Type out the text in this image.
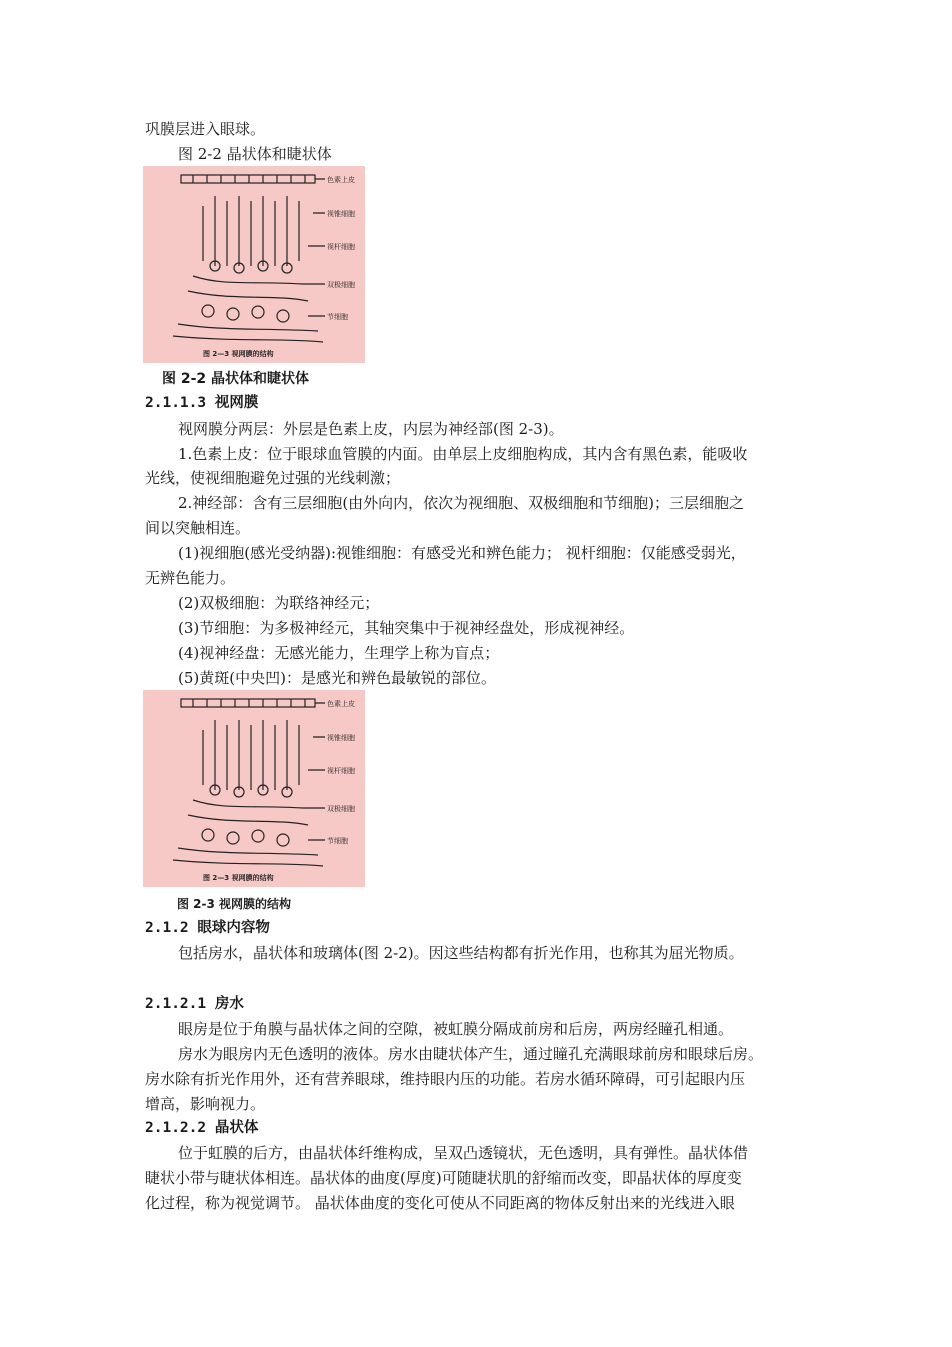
巩膜层进入眼球。
图 2-2 晶状体和睫状体
色素上皮
视锥细胞
视杆细胞
双极细胞
节细胞
图 2—3 视网膜的结构
图 2-2 晶状体和睫状体
2.1.1.3 视网膜
视网膜分两层：外层是色素上皮，内层为神经部(图 2-3)。
1.色素上皮：位于眼球血管膜的内面。由单层上皮细胞构成，其内含有黑色素，能吸收
光线，使视细胞避免过强的光线刺激；
2.神经部：含有三层细胞(由外向内，依次为视细胞、双极细胞和节细胞)；三层细胞之
间以突触相连。
(1)视细胞(感光受纳器):视锥细胞：有感受光和辨色能力； 视杆细胞：仅能感受弱光，
无辨色能力。
(2)双极细胞：为联络神经元；
(3)节细胞：为多极神经元，其轴突集中于视神经盘处，形成视神经。
(4)视神经盘：无感光能力，生理学上称为盲点；
(5)黄斑(中央凹)：是感光和辨色最敏锐的部位。
色素上皮
视锥细胞
视杆细胞
双极细胞
节细胞
图 2—3 视网膜的结构
图 2-3 视网膜的结构
2.1.2 眼球内容物
包括房水，晶状体和玻璃体(图 2-2)。因这些结构都有折光作用，也称其为屈光物质。
2.1.2.1 房水
眼房是位于角膜与晶状体之间的空隙，被虹膜分隔成前房和后房，两房经瞳孔相通。
房水为眼房内无色透明的液体。房水由睫状体产生，通过瞳孔充满眼球前房和眼球后房。
房水除有折光作用外，还有营养眼球，维持眼内压的功能。若房水循环障碍，可引起眼内压
增高，影响视力。
2.1.2.2 晶状体
位于虹膜的后方，由晶状体纤维构成，呈双凸透镜状，无色透明，具有弹性。晶状体借
睫状小带与睫状体相连。晶状体的曲度(厚度)可随睫状肌的舒缩而改变，即晶状体的厚度变
化过程，称为视觉调节。 晶状体曲度的变化可使从不同距离的物体反射出来的光线进入眼
